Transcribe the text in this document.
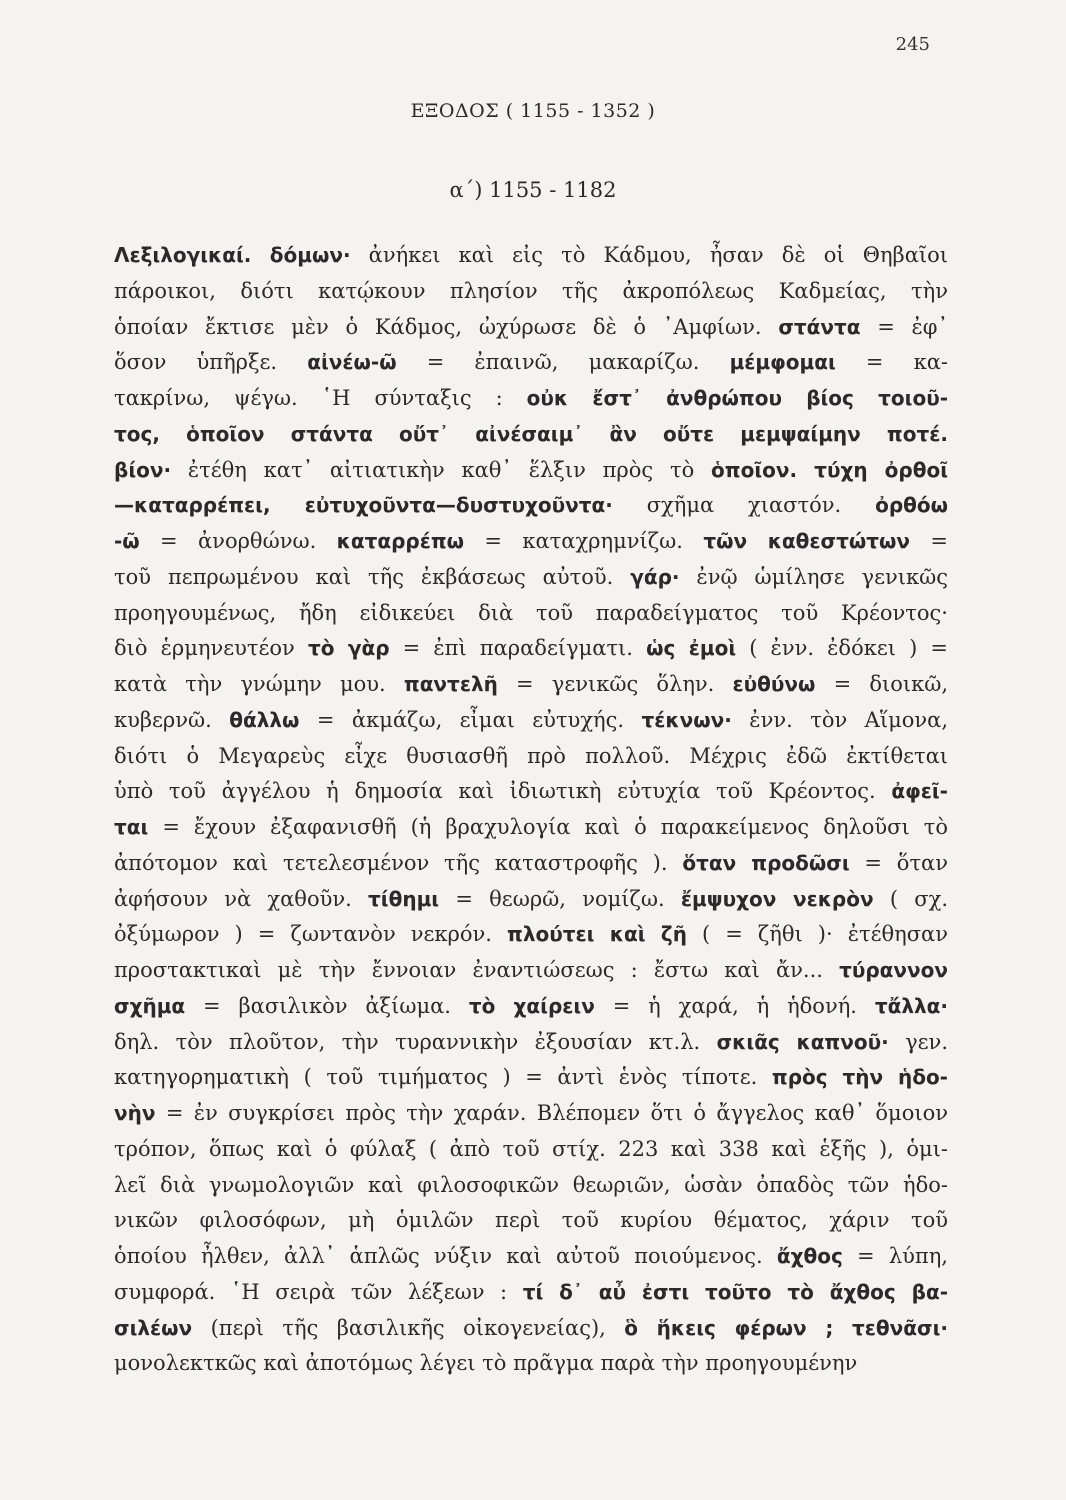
245
ΕΞΟΔΟΣ ( 1155 - 1352 )
α΄) 1155 - 1182
Λεξιλογικαί. δόμων· ἀνήκει καὶ εἰς τὸ Κάδμου, ἦσαν δὲ οἱ Θηβαῖοι
πάροικοι, διότι κατῴκουν πλησίον τῆς ἀκροπόλεως Καδμείας, τὴν
ὁποίαν ἔκτισε μὲν ὁ Κάδμος, ὠχύρωσε δὲ ὁ ᾿Αμφίων. στάντα = ἐφ᾿
ὅσον ὑπῆρξε. αἰνέω-ῶ = ἐπαινῶ, μακαρίζω. μέμφομαι = κα-
τακρίνω, ψέγω. ῾Η σύνταξις : οὐκ ἔστ᾿ ἀνθρώπου βίος τοιοῦ-
τος, ὁποῖον στάντα οὔτ᾿ αἰνέσαιμ᾿ ἂν οὔτε μεμψαίμην ποτέ.
βίον· ἐτέθη κατ᾿ αἰτιατικὴν καθ᾿ ἕλξιν πρὸς τὸ ὁποῖον. τύχη ὀρθοῖ
—καταρρέπει, εὐτυχοῦντα—δυστυχοῦντα· σχῆμα χιαστόν. ὀρθόω
-ῶ = ἀνορθώνω. καταρρέπω = καταχρημνίζω. τῶν καθεστώτων =
τοῦ πεπρωμένου καὶ τῆς ἐκβάσεως αὐτοῦ. γάρ· ἐνῷ ὡμίλησε γενικῶς
προηγουμένως, ἤδη εἰδικεύει διὰ τοῦ παραδείγματος τοῦ Κρέοντος·
διὸ ἑρμηνευτέον τὸ γὰρ = ἐπὶ παραδείγματι. ὡς ἐμοὶ ( ἐνν. ἐδόκει ) =
κατὰ τὴν γνώμην μου. παντελῆ = γενικῶς ὅλην. εὐθύνω = διοικῶ,
κυβερνῶ. θάλλω = ἀκμάζω, εἶμαι εὐτυχής. τέκνων· ἐνν. τὸν Αἵμονα,
διότι ὁ Μεγαρεὺς εἶχε θυσιασθῆ πρὸ πολλοῦ. Μέχρις ἐδῶ ἐκτίθεται
ὑπὸ τοῦ ἀγγέλου ἡ δημοσία καὶ ἰδιωτικὴ εὐτυχία τοῦ Κρέοντος. ἀφεῖ-
ται = ἔχουν ἐξαφανισθῆ (ἡ βραχυλογία καὶ ὁ παρακείμενος δηλοῦσι τὸ
ἀπότομον καὶ τετελεσμένον τῆς καταστροφῆς ). ὅταν προδῶσι = ὅταν
ἀφήσουν νὰ χαθοῦν. τίθημι = θεωρῶ, νομίζω. ἔμψυχον νεκρὸν ( σχ.
ὀξύμωρον ) = ζωντανὸν νεκρόν. πλούτει καὶ ζῆ ( = ζῆθι )· ἐτέθησαν
προστακτικαὶ μὲ τὴν ἔννοιαν ἐναντιώσεως : ἔστω καὶ ἄν... τύραννον
σχῆμα = βασιλικὸν ἀξίωμα. τὸ χαίρειν = ἡ χαρά, ἡ ἡδονή. τἄλλα·
δηλ. τὸν πλοῦτον, τὴν τυραννικὴν ἐξουσίαν κτ.λ. σκιᾶς καπνοῦ· γεν.
κατηγορηματικὴ ( τοῦ τιμήματος ) = ἀντὶ ἑνὸς τίποτε. πρὸς τὴν ἡδο-
νὴν = ἐν συγκρίσει πρὸς τὴν χαράν. Βλέπομεν ὅτι ὁ ἄγγελος καθ᾿ ὅμοιον
τρόπον, ὅπως καὶ ὁ φύλαξ ( ἀπὸ τοῦ στίχ. 223 καὶ 338 καὶ ἑξῆς ), ὁμι-
λεῖ διὰ γνωμολογιῶν καὶ φιλοσοφικῶν θεωριῶν, ὡσὰν ὀπαδὸς τῶν ἡδο-
νικῶν φιλοσόφων, μὴ ὁμιλῶν περὶ τοῦ κυρίου θέματος, χάριν τοῦ
ὁποίου ἦλθεν, ἀλλ᾿ ἁπλῶς νύξιν καὶ αὐτοῦ ποιούμενος. ἄχθος = λύπη,
συμφορά. ῾Η σειρὰ τῶν λέξεων : τί δ᾿ αὖ ἐστι τοῦτο τὸ ἄχθος βα-
σιλέων (περὶ τῆς βασιλικῆς οἰκογενείας), ὃ ἥκεις φέρων ; τεθνᾶσι·
μονολεκτκῶς καὶ ἀποτόμως λέγει τὸ πρᾶγμα παρὰ τὴν προηγουμένην
